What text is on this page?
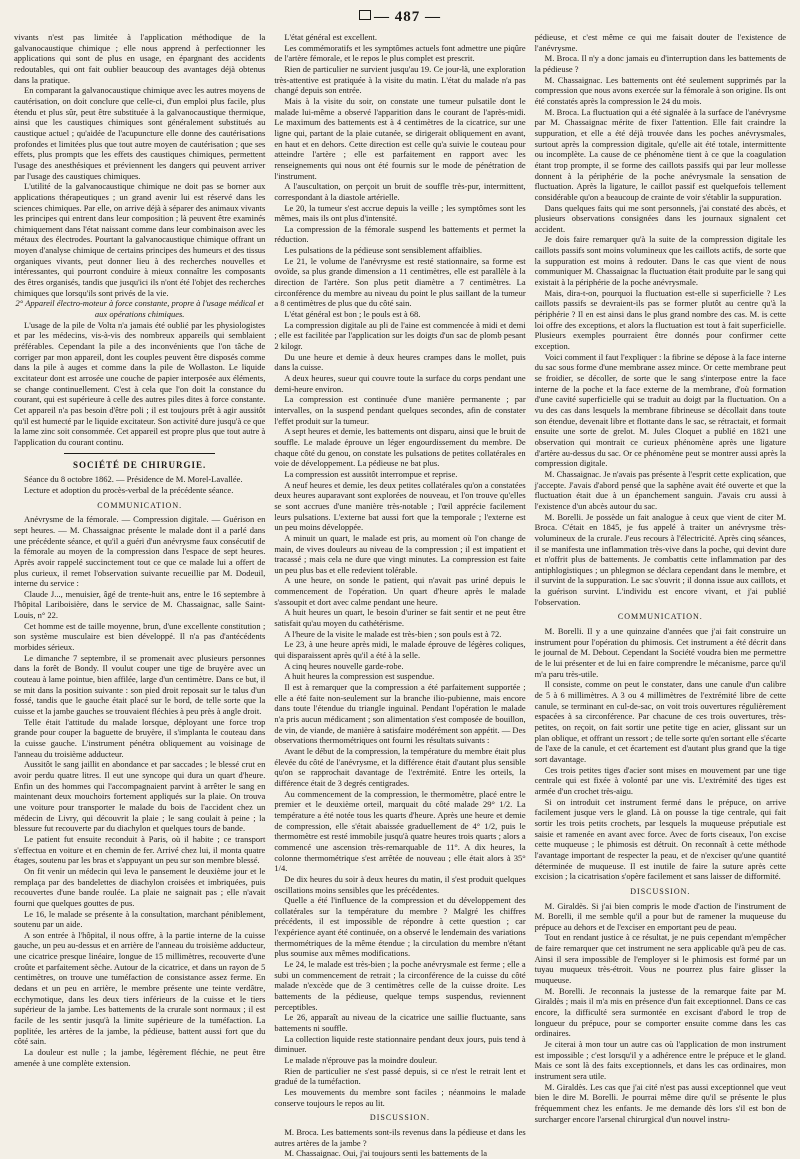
— 487 —

vivants n'est pas limitée à l'application méthodique de la galvanocaustique chimique ; elle nous apprend à perfectionner les applications qui sont de plus en usage, en épargnant des accidents redoutables, qui ont fait oublier beaucoup des avantages déjà obtenus dans la pratique.

En comparant la galvanocaustique chimique avec les autres moyens de cautérisation, on doit conclure que celle-ci, d'un emploi plus facile, plus étendu et plus sûr, peut être substituée à la galvanocaustique thermique, ainsi que les caustiques chimiques sont généralement substitués au caustique actuel ; qu'aidée de l'acupuncture elle donne des cautérisations profondes et limitées plus que tout autre moyen de cautérisation ; que ses effets, plus prompts que les effets des caustiques chimiques, permettent l'usage des anesthésiques et préviennent les dangers qui peuvent arriver par l'usage des caustiques chimiques.

L'utilité de la galvanocaustique chimique ne doit pas se borner aux applications thérapeutiques ; un grand avenir lui est réservé dans les sciences chimiques. Par elle, on arrive déjà à séparer des animaux vivants les principes qui entrent dans leur composition ; là peuvent être examinés chimiquement dans l'état naissant comme dans leur combinaison avec les métaux des électrodes. Pourtant la galvanocaustique chimique offrant un moyen d'analyse chimique de certains principes des humeurs et des tissus organiques vivants, peut donner lieu à des recherches nouvelles et intéressantes, qui pourront conduire à mieux connaître les composants des êtres organisés, tandis que jusqu'ici ils n'ont été l'objet des recherches chimiques que lorsqu'ils sont privés de la vie.

2° Appareil électro-moteur à force constante, propre à l'usage médical et aux opérations chimiques.

L'usage de la pile de Volta n'a jamais été oublié par les physiologistes et par les médecins, vis-à-vis des nombreux appareils qui semblaient préférables. Cependant la pile a des inconvénients que l'on tâche de corriger par mon appareil, dont les couples peuvent être disposés comme dans la pile à auges et comme dans la pile de Wollaston. Le liquide excitateur dont est arrosée une couche de papier interposée aux éléments, se change continuellement. C'est à cela que l'on doit la constance du courant, qui est supérieure à celle des autres piles dites à force constante. Cet appareil n'a pas besoin d'être poli ; il est toujours prêt à agir aussitôt qu'il est humecté par le liquide excitateur. Son activité dure jusqu'à ce que la lame zinc soit consommée. Cet appareil est propre plus que tout autre à l'application du courant continu.

SOCIÉTÉ DE CHIRURGIE.

Séance du 8 octobre 1862. — Présidence de M. Morel-Lavallée.

Lecture et adoption du procès-verbal de la précédente séance.

COMMUNICATION.

Anévrysme de la fémorale. — Compression digitale. — Guérison en sept heures. — M. Chassaignac présente le malade dont il a parlé dans une précédente séance, et qu'il a guéri d'un anévrysme faux consécutif de la fémorale au moyen de la compression dans l'espace de sept heures. Après avoir rappelé succinctement tout ce que ce malade lui a offert de plus curieux, il remet l'observation suivante recueillie par M. Dodeuil, interne du service :

Claude J..., menuisier, âgé de trente-huit ans, entre le 16 septembre à l'hôpital Lariboisière, dans le service de M. Chassaignac, salle Saint-Louis, n° 22.

Cet homme est de taille moyenne, brun, d'une excellente constitution ; son système musculaire est bien développé. Il n'a pas d'antécédents morbides sérieux.

Le dimanche 7 septembre, il se promenait avec plusieurs personnes dans la forêt de Bondy. Il voulut couper une tige de bruyère avec un couteau à lame pointue, bien affilée, large d'un centimètre. Dans ce but, il se mit dans la position suivante : son pied droit reposait sur le talus d'un fossé, tandis que le gauche était placé sur le bord, de telle sorte que la cuisse et la jambe gauches se trouvaient fléchies à peu près à angle droit.

Telle était l'attitude du malade lorsque, déployant une force trop grande pour couper la baguette de bruyère, il s'implanta le couteau dans la cuisse gauche. L'instrument pénétra obliquement au voisinage de l'anneau du troisième adducteur.

Aussitôt le sang jaillit en abondance et par saccades ; le blessé crut en avoir perdu quatre litres. Il eut une syncope qui dura un quart d'heure. Enfin un des hommes qui l'accompagnaient parvint à arrêter le sang en maintenant deux mouchoirs fortement appliqués sur la plaie. On trouva une voiture pour transporter le malade du bois de l'accident chez un médecin de Livry, qui découvrit la plaie ; le sang coulait à peine ; la blessure fut recouverte par du diachylon et quelques tours de bande.

Le patient fut ensuite reconduit à Paris, où il habite ; ce transport s'effectua en voiture et en chemin de fer. Arrivé chez lui, il monta quatre étages, soutenu par les bras et s'appuyant un peu sur son membre blessé.

On fit venir un médecin qui leva le pansement le deuxième jour et le remplaça par des bandelettes de diachylon croisées et imbriquées, puis recouvertes d'une bande roulée. La plaie ne saignait pas ; elle n'avait fourni que quelques gouttes de pus.

Le 16, le malade se présente à la consultation, marchant péniblement, soutenu par un aide.

A son entrée à l'hôpital, il nous offre, à la partie interne de la cuisse gauche, un peu au-dessus et en arrière de l'anneau du troisième adducteur, une cicatrice presque linéaire, longue de 15 millimètres, recouverte d'une croûte et parfaitement sèche. Autour de la cicatrice, et dans un rayon de 5 centimètres, on trouve une tuméfaction de consistance assez ferme. En dedans et un peu en arrière, le membre présente une teinte verdâtre, ecchymotique, dans les deux tiers inférieurs de la cuisse et le tiers supérieur de la jambe. Les battements de la crurale sont normaux ; il est facile de les sentir jusqu'à la limite supérieure de la tuméfaction. La poplitée, les artères de la jambe, la pédieuse, battent aussi fort que du côté sain.

La douleur est nulle ; la jambe, légèrement fléchie, ne peut être amenée à une complète extension.

L'état général est excellent.

Les commémoratifs et les symptômes actuels font admettre une piqûre de l'artère fémorale, et le repos le plus complet est prescrit.

Rien de particulier ne survient jusqu'au 19. Ce jour-là, une exploration très-attentive est pratiquée à la visite du matin. L'état du malade n'a pas changé depuis son entrée.

Mais à la visite du soir, on constate une tumeur pulsatile dont le malade lui-même a observé l'apparition dans le courant de l'après-midi. Le maximum des battements est à 4 centimètres de la cicatrice, sur une ligne qui, partant de la plaie cutanée, se dirigerait obliquement en avant, en haut et en dehors. Cette direction est celle qu'a suivie le couteau pour atteindre l'artère ; elle est parfaitement en rapport avec les renseignements qui nous ont été fournis sur le mode de pénétration de l'instrument.

A l'auscultation, on perçoit un bruit de souffle très-pur, intermittent, correspondant à la diastole artérielle.

Le 20, la tumeur s'est accrue depuis la veille ; les symptômes sont les mêmes, mais ils ont plus d'intensité.

La compression de la fémorale suspend les battements et permet la réduction.

Les pulsations de la pédieuse sont sensiblement affaiblies.

Le 21, le volume de l'anévrysme est resté stationnaire, sa forme est ovoïde, sa plus grande dimension a 11 centimètres, elle est parallèle à la direction de l'artère. Son plus petit diamètre a 7 centimètres. La circonférence du membre au niveau du point le plus saillant de la tumeur a 8 centimètres de plus que du côté sain.

L'état général est bon ; le pouls est à 68.

La compression digitale au pli de l'aine est commencée à midi et demi ; elle est facilitée par l'application sur les doigts d'un sac de plomb pesant 2 kilogr.

Du une heure et demie à deux heures crampes dans le mollet, puis dans la cuisse.

A deux heures, sueur qui couvre toute la surface du corps pendant une demi-heure environ.

La compression est continuée d'une manière permanente ; par intervalles, on la suspend pendant quelques secondes, afin de constater l'effet produit sur la tumeur.

A sept heures et demie, les battements ont disparu, ainsi que le bruit de souffle. Le malade éprouve un léger engourdissement du membre. De chaque côté du genou, on constate les pulsations de petites collatérales en voie de développement. La pédieuse ne bat plus.

La compression est aussitôt interrompue et reprise.

A neuf heures et demie, les deux petites collatérales qu'on a constatées deux heures auparavant sont explorées de nouveau, et l'on trouve qu'elles se sont accrues d'une manière très-notable ; l'œil apprécie facilement leurs pulsations. L'externe bat aussi fort que la temporale ; l'externe est un peu moins développée.

A minuit un quart, le malade est pris, au moment où l'on change de main, de vives douleurs au niveau de la compression ; il est impatient et tracassé ; mais cela ne dure que vingt minutes. La compression est faite un peu plus bas et elle redevient tolérable.

A une heure, on sonde le patient, qui n'avait pas uriné depuis le commencement de l'opération. Un quart d'heure après le malade s'assoupit et dort avec calme pendant une heure.

A huit heures un quart, le besoin d'uriner se fait sentir et ne peut être satisfait qu'au moyen du cathétérisme.

A l'heure de la visite le malade est très-bien ; son pouls est à 72.

Le 23, à une heure après midi, le malade éprouve de légères coliques, qui disparaissent après qu'il a été à la selle.

A cinq heures nouvelle garde-robe.

A huit heures la compression est suspendue.

Il est à remarquer que la compression a été parfaitement supportée ; elle a été faite non-seulement sur la branche ilio-pubienne, mais encore dans toute l'étendue du triangle inguinal. Pendant l'opération le malade n'a pris aucun médicament ; son alimentation s'est composée de bouillon, de vin, de viande, de manière à satisfaire modérément son appétit. — Des observations thermométriques ont fourni les résultats suivants :

Avant le début de la compression, la température du membre était plus élevée du côté de l'anévrysme, et la différence était d'autant plus sensible qu'on se rapprochait davantage de l'extrémité. Entre les orteils, la différence était de 3 degrés centigrades.

Au commencement de la compression, le thermomètre, placé entre le premier et le deuxième orteil, marquait du côté malade 29° 1/2. La température a été notée tous les quarts d'heure. Après une heure et demie de compression, elle s'était abaissée graduellement de 4° 1/2, puis le thermomètre est resté immobile jusqu'à quatre heures trois quarts ; alors a commencé une ascension très-remarquable de 11°. A dix heures, la colonne thermométrique s'est arrêtée de nouveau ; elle était alors à 35° 1/4.

De dix heures du soir à deux heures du matin, il s'est produit quelques oscillations moins sensibles que les précédentes.

Quelle a été l'influence de la compression et du développement des collatérales sur la température du membre ? Malgré les chiffres précédents, il est impossible de répondre à cette question ; car l'expérience ayant été continuée, on a observé le lendemain des variations thermométriques de la même étendue ; la circulation du membre n'étant plus soumise aux mêmes modifications.

Le 24, le malade est très-bien ; la poche anévrysmale est ferme ; elle a subi un commencement de retrait ; la circonférence de la cuisse du côté malade n'excède que de 3 centimètres celle de la cuisse droite. Les battements de la pédieuse, quelque temps suspendus, reviennent perceptibles.

Le 26, apparaît au niveau de la cicatrice une saillie fluctuante, sans battements ni souffle.

La collection liquide reste stationnaire pendant deux jours, puis tend à diminuer.

Le malade n'éprouve pas la moindre douleur.

Rien de particulier ne s'est passé depuis, si ce n'est le retrait lent et gradué de la tuméfaction.

Les mouvements du membre sont faciles ; néanmoins le malade conserve toujours le repos au lit.

DISCUSSION.

M. Broca. Les battements sont-ils revenus dans la pédieuse et dans les autres artères de la jambe ?

M. Chassaignac. Oui, j'ai toujours senti les battements de la

pédieuse, et c'est même ce qui me faisait douter de l'existence de l'anévrysme.

M. Broca. Il n'y a donc jamais eu d'interruption dans les battements de la pédieuse ?

M. Chassaignac. Les battements ont été seulement supprimés par la compression que nous avons exercée sur la fémorale à son origine. Ils ont été constatés après la compression le 24 du mois.

M. Broca. La fluctuation qui a été signalée à la surface de l'anévrysme par M. Chassaignac mérite de fixer l'attention. Elle fait craindre la suppuration, et elle a été déjà trouvée dans les poches anévrysmales, surtout après la compression digitale, qu'elle ait été totale, intermittente ou incomplète. La cause de ce phénomène tient à ce que la coagulation étant trop prompte, il se forme des caillots passifs qui par leur mollesse donnent à la périphérie de la poche anévrysmale la sensation de fluctuation. Après la ligature, le caillot passif est quelquefois tellement considérable qu'on a beaucoup de crainte de voir s'établir la suppuration.

Dans quelques faits qui me sont personnels, j'ai constaté des abcès, et plusieurs observations consignées dans les journaux signalent cet accident.

Je dois faire remarquer qu'à la suite de la compression digitale les caillots passifs sont moins volumineux que les caillots actifs, de sorte que la suppuration est moins à redouter. Dans le cas que vient de nous communiquer M. Chassaignac la fluctuation était produite par le sang qui existait à la périphérie de la poche anévrysmale.

Mais, dira-t-on, pourquoi la fluctuation est-elle si superficielle ? Les caillots passifs se devraient-ils pas se former plutôt au centre qu'à la périphérie ? Il en est ainsi dans le plus grand nombre des cas. M. is cette loi offre des exceptions, et alors la fluctuation est tout à fait superficielle. Plusieurs exemples pourraient être donnés pour confirmer cette exception.

Voici comment il faut l'expliquer : la fibrine se dépose à la face interne du sac sous forme d'une membrane assez mince. Or cette membrane peut se froidier, se décoller, de sorte que le sang s'interpose entre la face interne de la poche et la face externe de la membrane, d'où formation d'une cavité superficielle qui se traduit au doigt par la fluctuation. On a vu des cas dans lesquels la membrane fibrineuse se décollait dans toute son étendue, devenait libre et flottante dans le sac, se rétractait, et formait ensuite une sorte de grelot. M. Jules Cloquet a publié en 1821 une observation qui montrait ce curieux phénomène après une ligature d'artère au-dessus du sac. Or ce phénomène peut se montrer aussi après la compression digitale.

M. Chassaignac. Je n'avais pas présente à l'esprit cette explication, que j'accepte. J'avais d'abord pensé que la saphène avait été ouverte et que la fluctuation était due à un épanchement sanguin. J'avais cru aussi à l'existence d'un abcès autour du sac.

M. Borelli. Je possède un fait analogue à ceux que vient de citer M. Broca. C'était en 1845, je fus appelé à traiter un anévrysme très-volumineux de la crurale. J'eus recours à l'électricité. Après cinq séances, il se manifesta une inflammation très-vive dans la poche, qui devint dure et n'offrit plus de battements. Je combattis cette inflammation par des antiphlogistiques ; un phlegmon se déclara cependant dans le membre, et il survint de la suppuration. Le sac s'ouvrit ; il donna issue aux caillots, et la guérison survint. L'individu est encore vivant, et j'ai publié l'observation.

COMMUNICATION.

M. Borelli. Il y a une quinzaine d'années que j'ai fait construire un instrument pour l'opération du phimosis. Cet instrument a été décrit dans le journal de M. Debout. Cependant la Société voudra bien me permettre de le lui présenter et de lui en faire comprendre le mécanisme, parce qu'il m'a paru très-utile.

Il consiste, comme on peut le constater, dans une canule d'un calibre de 5 à 6 millimètres. A 3 ou 4 millimètres de l'extrémité libre de cette canule, se terminant en cul-de-sac, on voit trois ouvertures régulièrement espacées à sa circonférence. Par chacune de ces trois ouvertures, très-petites, on reçoit, on fait sortir une petite tige en acier, glissant sur un plan oblique, et offrant un ressort ; de telle sorte qu'en sortant elle s'écarte de l'axe de la canule, et cet écartement est d'autant plus grand que la tige sort davantage.

Ces trois petites tiges d'acier sont mises en mouvement par une tige centrale qui est fixée à volonté par une vis. L'extrémité des tiges est armée d'un crochet très-aigu.

Si on introduit cet instrument fermé dans le prépuce, on arrive facilement jusque vers le gland. Là on pousse la tige centrale, qui fait sortir les trois petits crochets, par lesquels la muqueuse préputiale est saisie et ramenée en avant avec force. Avec de forts ciseaux, l'on excise cette muqueuse ; le phimosis est détruit. On reconnaît à cette méthode l'avantage important de respecter la peau, et de n'exciser qu'une quantité déterminée de muqueuse. Il est inutile de faire la suture après cette excision ; la cicatrisation s'opère facilement et sans laisser de difformité.

DISCUSSION.

M. Giraldès. Si j'ai bien compris le mode d'action de l'instrument de M. Borelli, il me semble qu'il a pour but de ramener la muqueuse du prépuce au dehors et de l'exciser en emportant peu de peau.

Tout en rendant justice à ce résultat, je ne puis cependant m'empêcher de faire remarquer que cet instrument ne sera applicable qu'à peu de cas. Ainsi il sera impossible de l'employer si le phimosis est formé par un tuyau muqueux très-étroit. Vous ne pourrez plus faire glisser la muqueuse.

M. Borelli. Je reconnais la justesse de la remarque faite par M. Giraldès ; mais il m'a mis en présence d'un fait exceptionnel. Dans ce cas encore, la difficulté sera surmontée en excisant d'abord le trop de longueur du prépuce, pour se comporter ensuite comme dans les cas ordinaires.

Je citerai à mon tour un autre cas où l'application de mon instrument est impossible ; c'est lorsqu'il y a adhérence entre le prépuce et le gland. Mais ce sont là des faits exceptionnels, et dans les cas ordinaires, mon instrument sera utile.

M. Giraldès. Les cas que j'ai cité n'est pas aussi exceptionnel que veut bien le dire M. Borelli. Je pourrai même dire qu'il se présente le plus fréquemment chez les enfants. Je me demande dès lors s'il est bon de surcharger encore l'arsenal chirurgical d'un nouvel instru-
